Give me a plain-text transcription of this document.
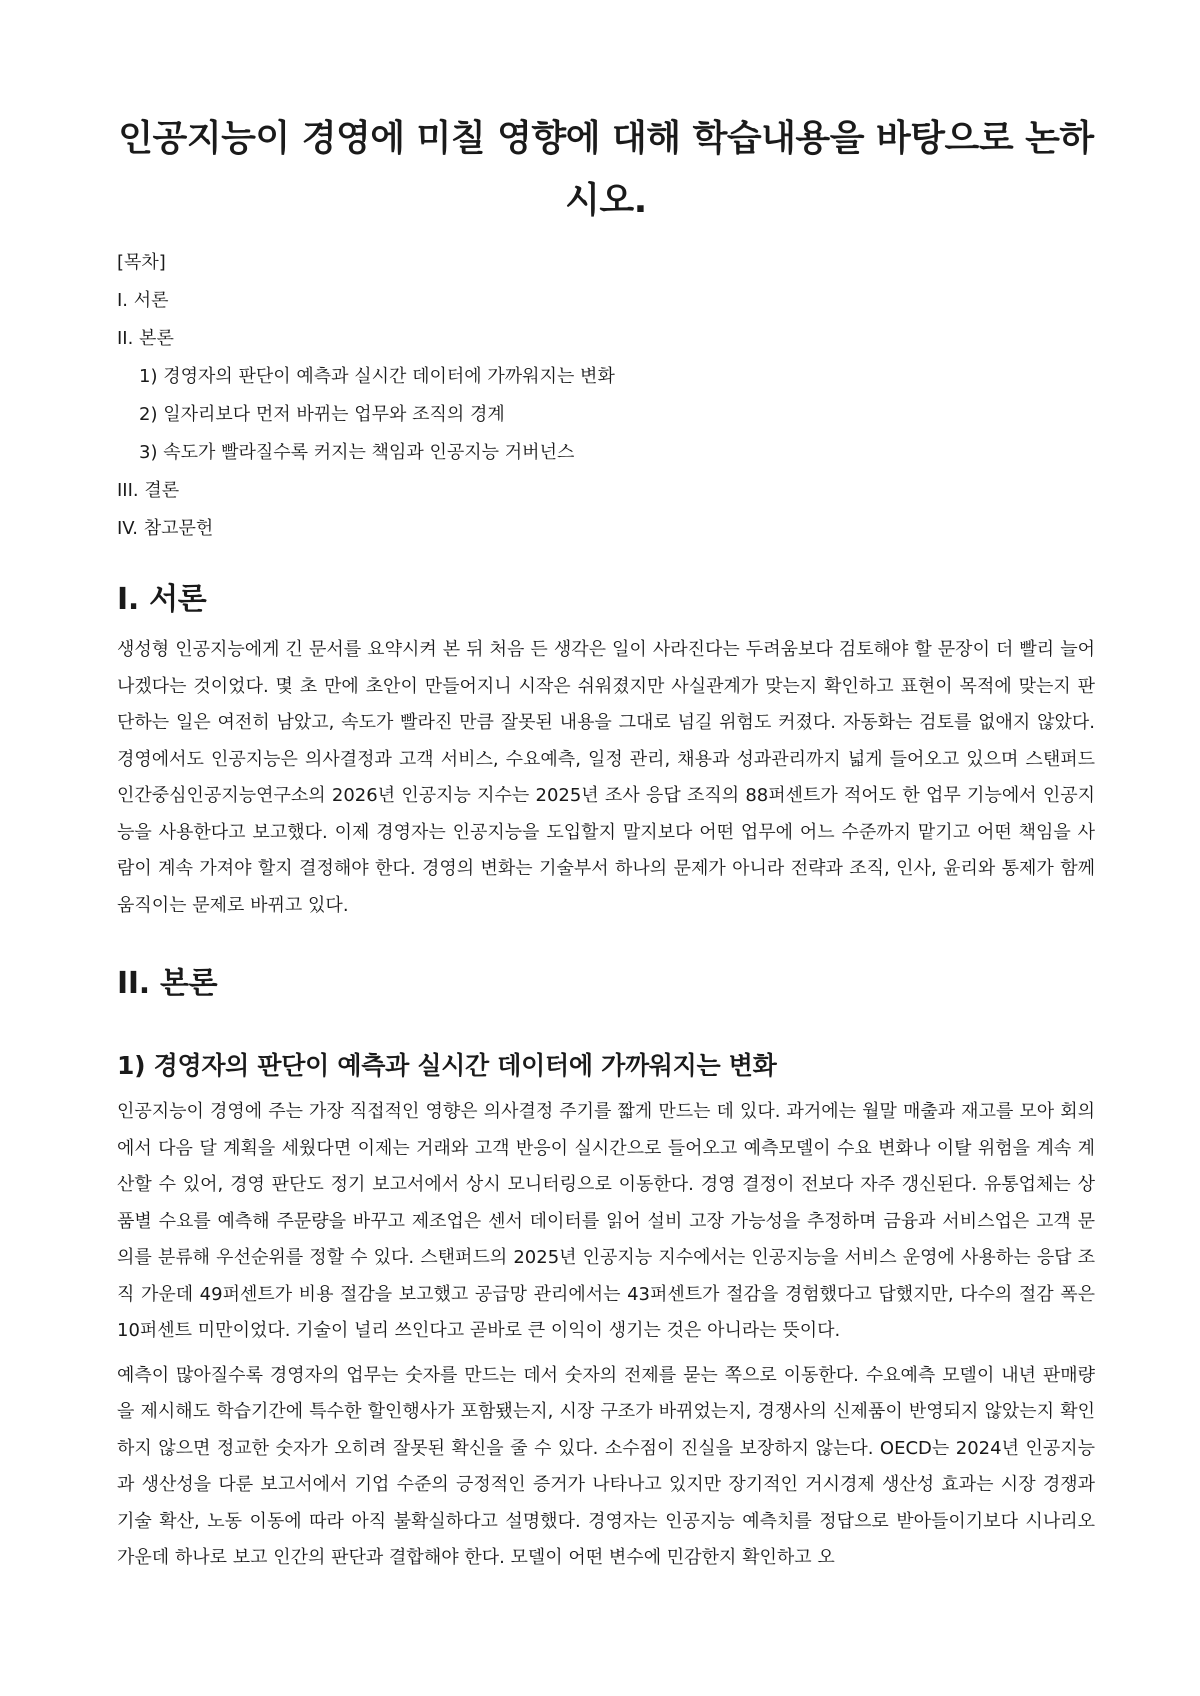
인공지능이 경영에 미칠 영향에 대해 학습내용을 바탕으로 논하시오.

[목차]

I. 서론

II. 본론

1) 경영자의 판단이 예측과 실시간 데이터에 가까워지는 변화

2) 일자리보다 먼저 바뀌는 업무와 조직의 경계

3) 속도가 빨라질수록 커지는 책임과 인공지능 거버넌스

III. 결론

IV. 참고문헌

I. 서론

생성형 인공지능에게 긴 문서를 요약시켜 본 뒤 처음 든 생각은 일이 사라진다는 두려움보다 검토해야 할 문장이 더 빨리 늘어나겠다는 것이었다. 몇 초 만에 초안이 만들어지니 시작은 쉬워졌지만 사실관계가 맞는지 확인하고 표현이 목적에 맞는지 판단하는 일은 여전히 남았고, 속도가 빨라진 만큼 잘못된 내용을 그대로 넘길 위험도 커졌다. 자동화는 검토를 없애지 않았다. 경영에서도 인공지능은 의사결정과 고객 서비스, 수요예측, 일정 관리, 채용과 성과관리까지 넓게 들어오고 있으며 스탠퍼드 인간중심인공지능연구소의 2026년 인공지능 지수는 2025년 조사 응답 조직의 88퍼센트가 적어도 한 업무 기능에서 인공지능을 사용한다고 보고했다. 이제 경영자는 인공지능을 도입할지 말지보다 어떤 업무에 어느 수준까지 맡기고 어떤 책임을 사람이 계속 가져야 할지 결정해야 한다. 경영의 변화는 기술부서 하나의 문제가 아니라 전략과 조직, 인사, 윤리와 통제가 함께 움직이는 문제로 바뀌고 있다.

II. 본론
1) 경영자의 판단이 예측과 실시간 데이터에 가까워지는 변화

인공지능이 경영에 주는 가장 직접적인 영향은 의사결정 주기를 짧게 만드는 데 있다. 과거에는 월말 매출과 재고를 모아 회의에서 다음 달 계획을 세웠다면 이제는 거래와 고객 반응이 실시간으로 들어오고 예측모델이 수요 변화나 이탈 위험을 계속 계산할 수 있어, 경영 판단도 정기 보고서에서 상시 모니터링으로 이동한다. 경영 결정이 전보다 자주 갱신된다. 유통업체는 상품별 수요를 예측해 주문량을 바꾸고 제조업은 센서 데이터를 읽어 설비 고장 가능성을 추정하며 금융과 서비스업은 고객 문의를 분류해 우선순위를 정할 수 있다. 스탠퍼드의 2025년 인공지능 지수에서는 인공지능을 서비스 운영에 사용하는 응답 조직 가운데 49퍼센트가 비용 절감을 보고했고 공급망 관리에서는 43퍼센트가 절감을 경험했다고 답했지만, 다수의 절감 폭은 10퍼센트 미만이었다. 기술이 널리 쓰인다고 곧바로 큰 이익이 생기는 것은 아니라는 뜻이다.

예측이 많아질수록 경영자의 업무는 숫자를 만드는 데서 숫자의 전제를 묻는 쪽으로 이동한다. 수요예측 모델이 내년 판매량을 제시해도 학습기간에 특수한 할인행사가 포함됐는지, 시장 구조가 바뀌었는지, 경쟁사의 신제품이 반영되지 않았는지 확인하지 않으면 정교한 숫자가 오히려 잘못된 확신을 줄 수 있다. 소수점이 진실을 보장하지 않는다. OECD는 2024년 인공지능과 생산성을 다룬 보고서에서 기업 수준의 긍정적인 증거가 나타나고 있지만 장기적인 거시경제 생산성 효과는 시장 경쟁과 기술 확산, 노동 이동에 따라 아직 불확실하다고 설명했다. 경영자는 인공지능 예측치를 정답으로 받아들이기보다 시나리오 가운데 하나로 보고 인간의 판단과 결합해야 한다. 모델이 어떤 변수에 민감한지 확인하고 오
